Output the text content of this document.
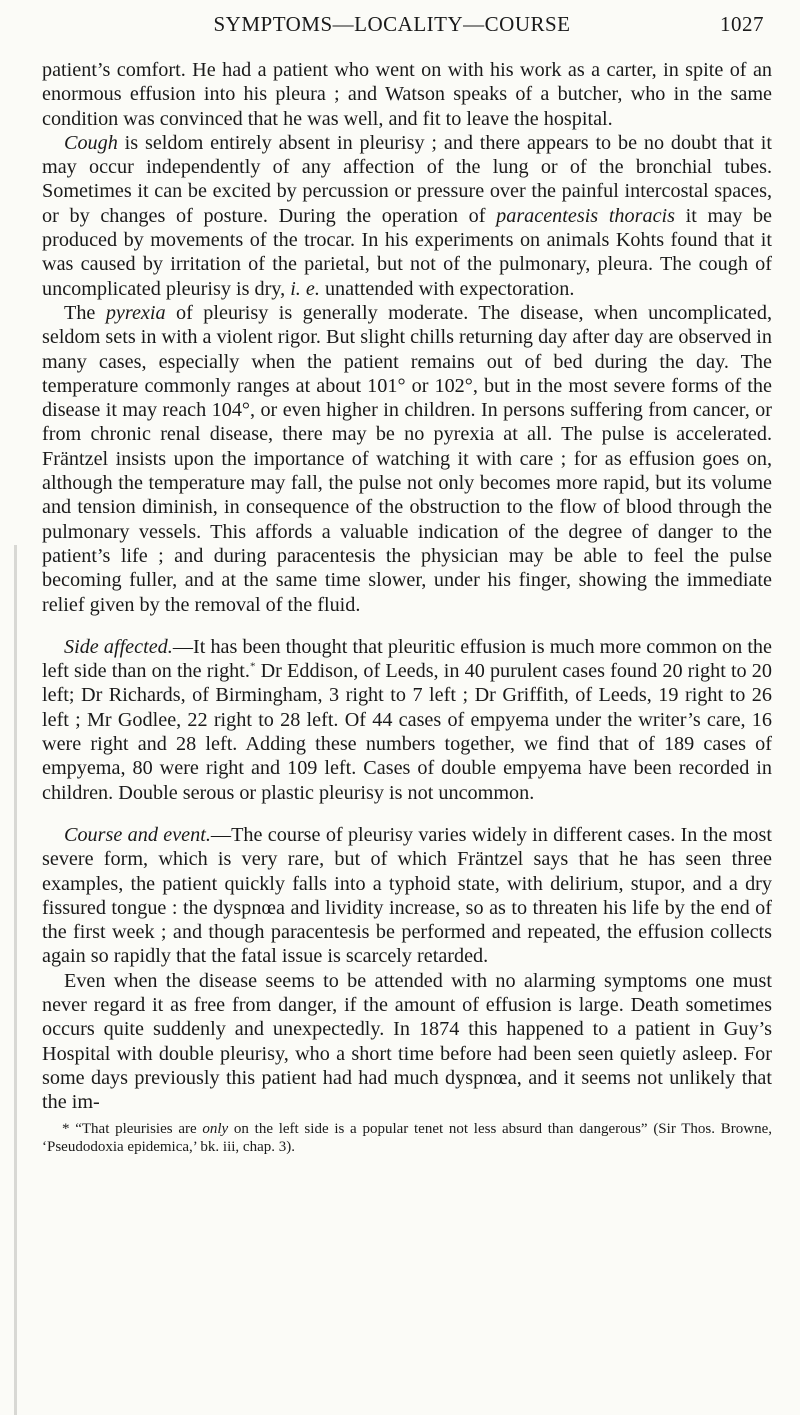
SYMPTOMS—LOCALITY—COURSE	1027

patient’s comfort. He had a patient who went on with his work as a carter, in spite of an enormous effusion into his pleura ; and Watson speaks of a butcher, who in the same condition was convinced that he was well, and fit to leave the hospital.

Cough is seldom entirely absent in pleurisy ; and there appears to be no doubt that it may occur independently of any affection of the lung or of the bronchial tubes. Sometimes it can be excited by percussion or pressure over the painful intercostal spaces, or by changes of posture. During the operation of paracentesis thoracis it may be produced by movements of the trocar. In his experiments on animals Kohts found that it was caused by irritation of the parietal, but not of the pulmonary, pleura. The cough of uncomplicated pleurisy is dry, i. e. unattended with expectoration.

The pyrexia of pleurisy is generally moderate. The disease, when uncomplicated, seldom sets in with a violent rigor. But slight chills returning day after day are observed in many cases, especially when the patient remains out of bed during the day. The temperature commonly ranges at about 101° or 102°, but in the most severe forms of the disease it may reach 104°, or even higher in children. In persons suffering from cancer, or from chronic renal disease, there may be no pyrexia at all. The pulse is accelerated. Fräntzel insists upon the importance of watching it with care ; for as effusion goes on, although the temperature may fall, the pulse not only becomes more rapid, but its volume and tension diminish, in consequence of the obstruction to the flow of blood through the pulmonary vessels. This affords a valuable indication of the degree of danger to the patient’s life ; and during paracentesis the physician may be able to feel the pulse becoming fuller, and at the same time slower, under his finger, showing the immediate relief given by the removal of the fluid.

Side affected.—It has been thought that pleuritic effusion is much more common on the left side than on the right.* Dr Eddison, of Leeds, in 40 purulent cases found 20 right to 20 left; Dr Richards, of Birmingham, 3 right to 7 left ; Dr Griffith, of Leeds, 19 right to 26 left ; Mr Godlee, 22 right to 28 left. Of 44 cases of empyema under the writer’s care, 16 were right and 28 left. Adding these numbers together, we find that of 189 cases of empyema, 80 were right and 109 left. Cases of double empyema have been recorded in children. Double serous or plastic pleurisy is not uncommon.

Course and event.—The course of pleurisy varies widely in different cases. In the most severe form, which is very rare, but of which Fräntzel says that he has seen three examples, the patient quickly falls into a typhoid state, with delirium, stupor, and a dry fissured tongue : the dyspnœa and lividity increase, so as to threaten his life by the end of the first week ; and though paracentesis be performed and repeated, the effusion collects again so rapidly that the fatal issue is scarcely retarded.

Even when the disease seems to be attended with no alarming symptoms one must never regard it as free from danger, if the amount of effusion is large. Death sometimes occurs quite suddenly and unexpectedly. In 1874 this happened to a patient in Guy’s Hospital with double pleurisy, who a short time before had been seen quietly asleep. For some days previously this patient had had much dyspnœa, and it seems not unlikely that the im-

* “That pleurisies are only on the left side is a popular tenet not less absurd than dangerous” (Sir Thos. Browne, ‘Pseudodoxia epidemica,’ bk. iii, chap. 3).
